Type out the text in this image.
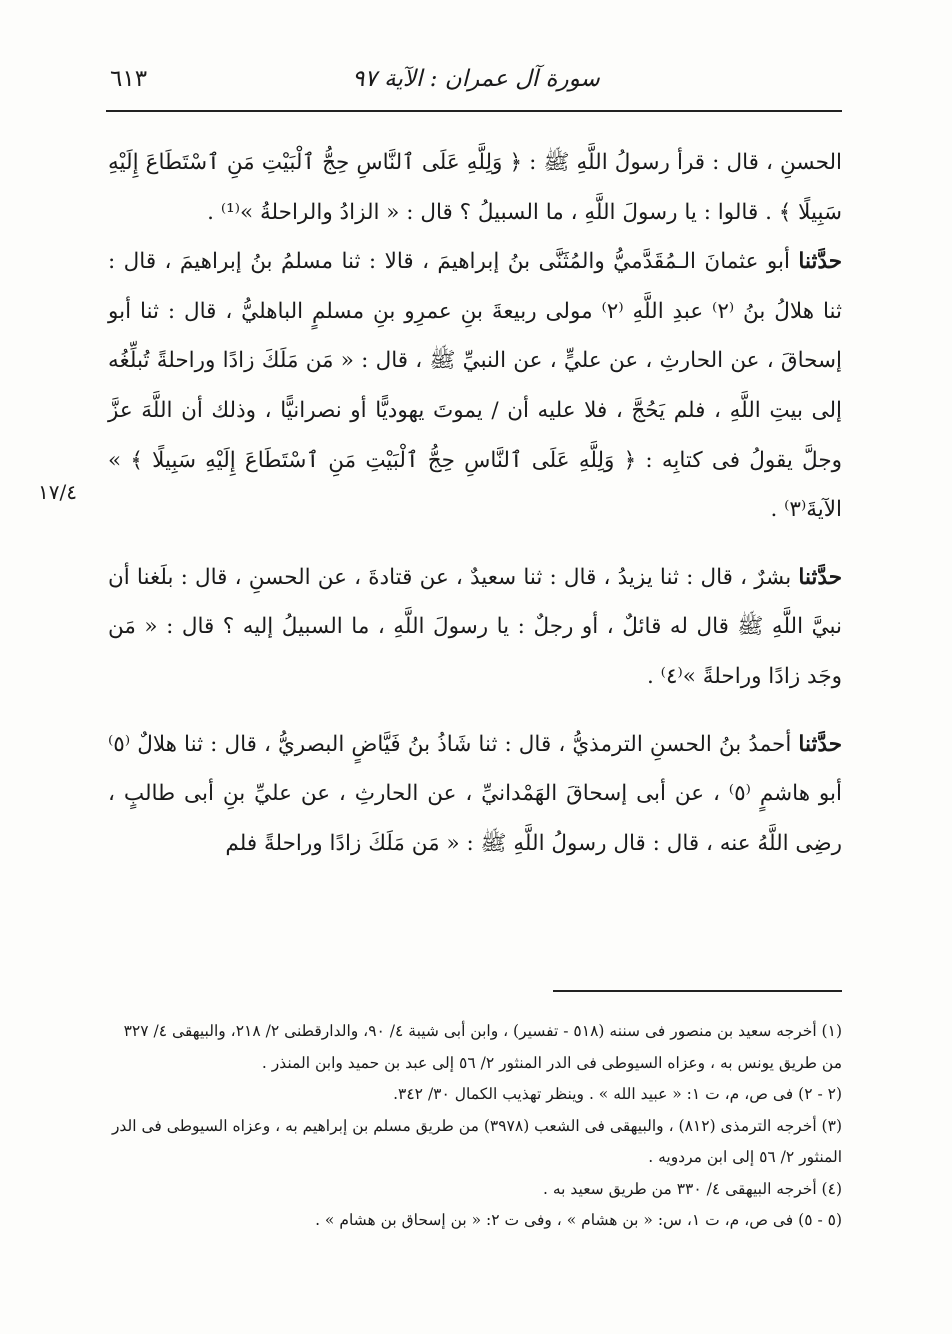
سورة آل عمران : الآية ٩٧
٦١٣
١٧/٤

الحسنِ ، قال : قرأ رسولُ اللَّهِ ﷺ : ﴿ وَلِلَّهِ عَلَى ٱلنَّاسِ حِجُّ ٱلْبَيْتِ مَنِ ٱسْتَطَاعَ إِلَيْهِ سَبِيلًا ﴾ . قالوا : يا رسولَ اللَّهِ ، ما السبيلُ ؟ قال : « الزادُ والراحلةُ »⁽¹⁾ .

حدَّثنا أبو عثمانَ الـمُقَدَّميُّ والمُثَنَّى بنُ إبراهيمَ ، قالا : ثنا مسلمُ بنُ إبراهيمَ ، قال : ثنا هلالُ بنُ ⁽٢⁾ عبدِ اللَّهِ ⁽٢⁾ مولى ربيعةَ بنِ عمرِو بنِ مسلمٍ الباهليُّ ، قال : ثنا أبو إسحاقَ ، عن الحارثِ ، عن عليٍّ ، عن النبيِّ ﷺ ، قال : « مَن مَلَكَ زادًا وراحلةً تُبلِّغُه إلى بيتِ اللَّهِ ، فلم يَحُجَّ ، فلا عليه أن / يموتَ يهوديًّا أو نصرانيًّا ، وذلك أن اللَّهَ عزَّ وجلَّ يقولُ فى كتابِه : ﴿ وَلِلَّهِ عَلَى ٱلنَّاسِ حِجُّ ٱلْبَيْتِ مَنِ ٱسْتَطَاعَ إِلَيْهِ سَبِيلًا ﴾ » الآيةَ⁽٣⁾ .

حدَّثنا بشرٌ ، قال : ثنا يزيدُ ، قال : ثنا سعيدٌ ، عن قتادةَ ، عن الحسنِ ، قال : بلَغنا أن نبيَّ اللَّهِ ﷺ قال له قائلٌ ، أو رجلٌ : يا رسولَ اللَّهِ ، ما السبيلُ إليه ؟ قال : « مَن وجَد زادًا وراحلةً »⁽٤⁾ .

حدَّثنا أحمدُ بنُ الحسنِ الترمذيُّ ، قال : ثنا شَاذُ بنُ فَيَّاضٍ البصريُّ ، قال : ثنا هلالٌ ⁽٥⁾ أبو هاشمٍ ⁽٥⁾ ، عن أبى إسحاقَ الهَمْدانيِّ ، عن الحارثِ ، عن عليِّ بنِ أبى طالبٍ ، رضِى اللَّهُ عنه ، قال : قال رسولُ اللَّهِ ﷺ : « مَن مَلَكَ زادًا وراحلةً فلم

(١) أخرجه سعيد بن منصور فى سننه (٥١٨ - تفسير) ، وابن أبى شيبة ٤/ ٩٠، والدارقطنى ٢/ ٢١٨، والبيهقى ٤/ ٣٢٧ من طريق يونس به ، وعزاه السيوطى فى الدر المنثور ٢/ ٥٦ إلى عبد بن حميد وابن المنذر .

(٢ - ٢) فى ص، م، ت ١: « عبيد الله » . وينظر تهذيب الكمال ٣٠/ ٣٤٢.

(٣) أخرجه الترمذى (٨١٢) ، والبيهقى فى الشعب (٣٩٧٨) من طريق مسلم بن إبراهيم به ، وعزاه السيوطى فى الدر المنثور ٢/ ٥٦ إلى ابن مردويه .

(٤) أخرجه البيهقى ٤/ ٣٣٠ من طريق سعيد به .

(٥ - ٥) فى ص، م، ت ١، س: « بن هشام » ، وفى ت ٢: « بن إسحاق بن هشام » .
